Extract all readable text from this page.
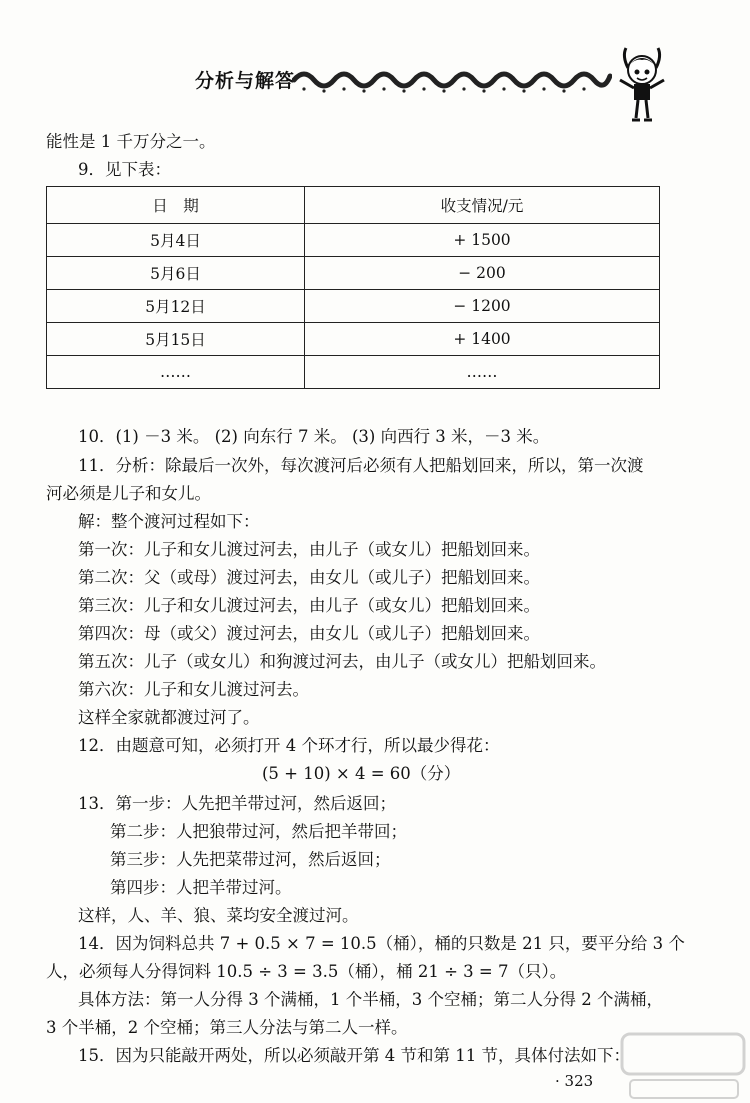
分析与解答
能性是 1 千万分之一。
9．见下表：
日　期	收支情况/元
5月4日	+ 1500
5月6日	− 200
5月12日	− 1200
5月15日	+ 1400
……	……
10．(1) －3 米。 (2) 向东行 7 米。 (3) 向西行 3 米，－3 米。
11．分析：除最后一次外，每次渡河后必须有人把船划回来，所以，第一次渡
河必须是儿子和女儿。
解：整个渡河过程如下：
第一次：儿子和女儿渡过河去，由儿子（或女儿）把船划回来。
第二次：父（或母）渡过河去，由女儿（或儿子）把船划回来。
第三次：儿子和女儿渡过河去，由儿子（或女儿）把船划回来。
第四次：母（或父）渡过河去，由女儿（或儿子）把船划回来。
第五次：儿子（或女儿）和狗渡过河去，由儿子（或女儿）把船划回来。
第六次：儿子和女儿渡过河去。
这样全家就都渡过河了。
12．由题意可知，必须打开 4 个环才行，所以最少得花：
(5 + 10) × 4 = 60（分）
13．第一步：人先把羊带过河，然后返回；
第二步：人把狼带过河，然后把羊带回；
第三步：人先把菜带过河，然后返回；
第四步：人把羊带过河。
这样，人、羊、狼、菜均安全渡过河。
14．因为饲料总共 7 + 0.5 × 7 = 10.5（桶），桶的只数是 21 只，要平分给 3 个
人，必须每人分得饲料 10.5 ÷ 3 = 3.5（桶），桶 21 ÷ 3 = 7（只）。
具体方法：第一人分得 3 个满桶，1 个半桶，3 个空桶；第二人分得 2 个满桶，
3 个半桶，2 个空桶；第三人分法与第二人一样。
15．因为只能敲开两处，所以必须敲开第 4 节和第 11 节，具体付法如下：
· 323
